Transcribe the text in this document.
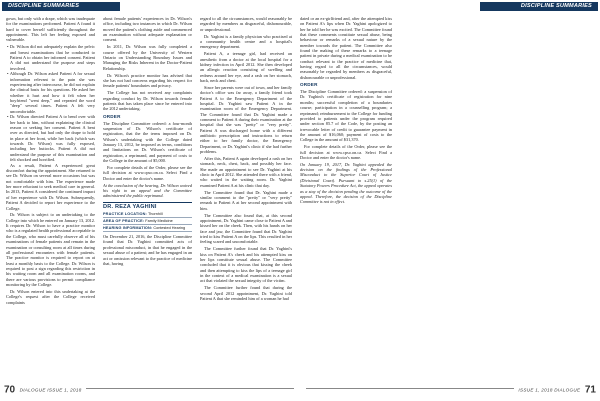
DISCIPLINE SUMMARIES

gown, but only with a drape, which was inadequate for the examinations performed. Patient A found it hard to cover herself sufficiently throughout the appointment. This left her feeling exposed and vulnerable.

• Dr. Wilson did not adequately explain the pelvic and breast examinations that he conducted to Patient A to obtain her informed consent. Patient A did not understand the purpose and steps involved.
• Although Dr. Wilson asked Patient A for sexual information relevant to the pain she was experiencing after intercourse, he did not explain the clinical basis for his questions. He asked her whether it hurt and how it felt when her boyfriend "went deep," and repeated the word "deep" several times. Patient A felt very uncomfortable.
• Dr. Wilson directed Patient A to bend over with her back to him, without explaining the clinical reason or seeking her consent. Patient A bent over as directed, but had only the drape to hold in place at her front, while her back (which was towards Dr. Wilson) was fully exposed, including her buttocks. Patient A did not understand the purpose of this examination and felt shocked and horrified.

As a result, Patient A experienced great discomfort during the appointment. She returned to see Dr. Wilson on several more occasions but was not comfortable with him. The experience made her more reluctant to seek medical care in general. In 2013, Patient A considered the continued impact of her experience with Dr. Wilson. Subsequently, Patient A decided to report her experience to the College.

Dr. Wilson is subject to an undertaking to the College into which he entered on January 13, 2012. It requires Dr. Wilson to have a practice monitor who is a regulated health professional acceptable to the College, who must carefully observe all of his examinations of female patients and remain in the examination or consulting room at all times during all professional encounters with female patients. The practice monitor is required to report on at least a monthly basis to the College. Dr. Wilson is required to post a sign regarding this restriction in his waiting room and all examination rooms, and there are various provisions to permit compliance monitoring by the College.

Dr. Wilson entered into this undertaking at the College's request after the College received complaints

about female patients' experiences in Dr. Wilson's office, including two instances in which Dr. Wilson moved the patient's clothing aside and commenced an examination without adequate explanation or consent.

In 2011, Dr. Wilson was fully completed a course offered by the University of Western Ontario on Understanding Boundary Issues and Managing the Risks Inherent in the Doctor-Patient Relationship.

Dr. Wilson's practice monitor has advised that she has not had concerns regarding his respect for female patients' boundaries and privacy.

The College has not received any complaints regarding conduct by Dr. Wilson towards female patients that has taken place since he entered into the 2012 undertaking.

ORDER

The Discipline Committee ordered: a four-month suspension of Dr. Wilson's certificate of registration, that the the terms imposed on Dr. Wilson's undertaking with the College dated January 13, 2012, be imposed as terms, conditions and limitations on Dr. Wilson's certificate of registration, a reprimand, and payment of costs to the College in the amount of $5,000.

For complete details of the Order, please see the full decision at www.cpso.on.ca. Select Find a Doctor and enter the doctor's name.

At the conclusion of the hearing, Dr. Wilson waived his right to an appeal and the Committee administered the public reprimand.

DR. REZA YAGHINI
PRACTICE LOCATION: Thornhill
AREA OF PRACTICE: Family Medicine
HEARING INFORMATION: Contested Hearing

On December 21, 2016, the Discipline Committee found that Dr. Yaghini committed acts of professional misconduct, in that he engaged in the sexual abuse of a patient; and he has engaged in an act or omission relevant to the practice of medicine that, having

regard to all the circumstances, would reasonably be regarded by members as disgraceful, dishonourable, or unprofessional.

Dr. Yaghini is a family physician who practised at a community health centre and a hospital's emergency department.

Patient A, a teenage girl, had received an anesthetic from a doctor at the local hospital for a kidney infection in April 2012. She then developed an allergic reaction consisting of swelling and redness around her eye, and a rash on her stomach, back, neck and chest.

Since her parents were out of town, and her family doctor's office was far away, a family friend took Patient A to the Emergency Department of the hospital. Dr. Yaghini saw Patient A in the examination room of the Emergency Department. The Committee found that Dr. Yaghini made a comment to Patient A during their examination at the hospital that she was "pretty" or "very pretty". Patient A was discharged home with a different antibiotic prescription and instructions to return either to her family doctor, the Emergency Department, or Dr. Yaghini's clinic if she had further problems.

After this, Patient A again developed a rash on her stomach, neck, chest, back, and possibly her face. She made an appointment to see Dr. Yaghini at his clinic in April 2012. She attended there with a friend, who waited in the waiting room. Dr. Yaghini examined Patient A at his clinic that day.

The Committee found that Dr. Yaghini made a similar comment to the "pretty" or "very pretty" remark to Patient A at her second appointment with him.

The Committee also found that, at this second appointment, Dr. Yaghini came close to Patient A and kissed her on the cheek. Then, with his hands on her face and jaw, the Committee found that Dr. Yaghini tried to kiss Patient A on the lips. This resulted in her feeling scared and uncomfortable.

The Committee further found that Dr. Yaghini's kiss on Patient A's cheek and his attempted kiss on her lips constitute sexual abuse. The Committee concluded that it is obvious that kissing the cheek and then attempting to kiss the lips of a teenage girl in the context of a medical examination is a sexual act that violated the sexual integrity of the victim.

The Committee further found that during the second April 2012 appointment, Dr. Yaghini told Patient A that she reminded him of a woman he had

70 DIALOGUE ISSUE 1, 2018
DISCIPLINE SUMMARIES

dated or an ex-girlfriend and, after the attempted kiss on Patient A's lips when Dr. Yaghini apologized to her he told her he was excited. The Committee found that these comments constitute sexual abuse, being behaviour or remarks of a sexual nature by the member towards the patient. The Committee also found the making of these remarks to a teenage patient in private during a medical examination to be conduct relevant to the practice of medicine that, having regard to all the circumstances, would reasonably be regarded by members as disgraceful, dishonourable or unprofessional.

ORDER

The Discipline Committee ordered: a suspension of Dr. Yaghini's certificate of registration for nine months; successful completion of a boundaries course; participation in a counselling program; a reprimand; reimbursement to the College for funding provided to patients under the program required under section 85.7 of the Code, by the posting an irrevocable letter of credit to guarantee payment in the amount of $16,060; payment of costs to the College in the amount of $31,370.

For complete details of the Order, please see the full decision at www.cpso.on.ca. Select Find a Doctor and enter the doctor's name.

On January 19, 2017, Dr. Yaghini appealed the decision on the findings of the Professional Misconduct to the Superior Court of Justice (Divisional Court). Pursuant to s.25(1) of the Statutory Powers Procedure Act, the appeal operates as a stay of the decision pending the outcome of the appeal. Therefore, the decision of the Discipline Committee is not in effect.

ISSUE 1, 2018 DIALOGUE 71
